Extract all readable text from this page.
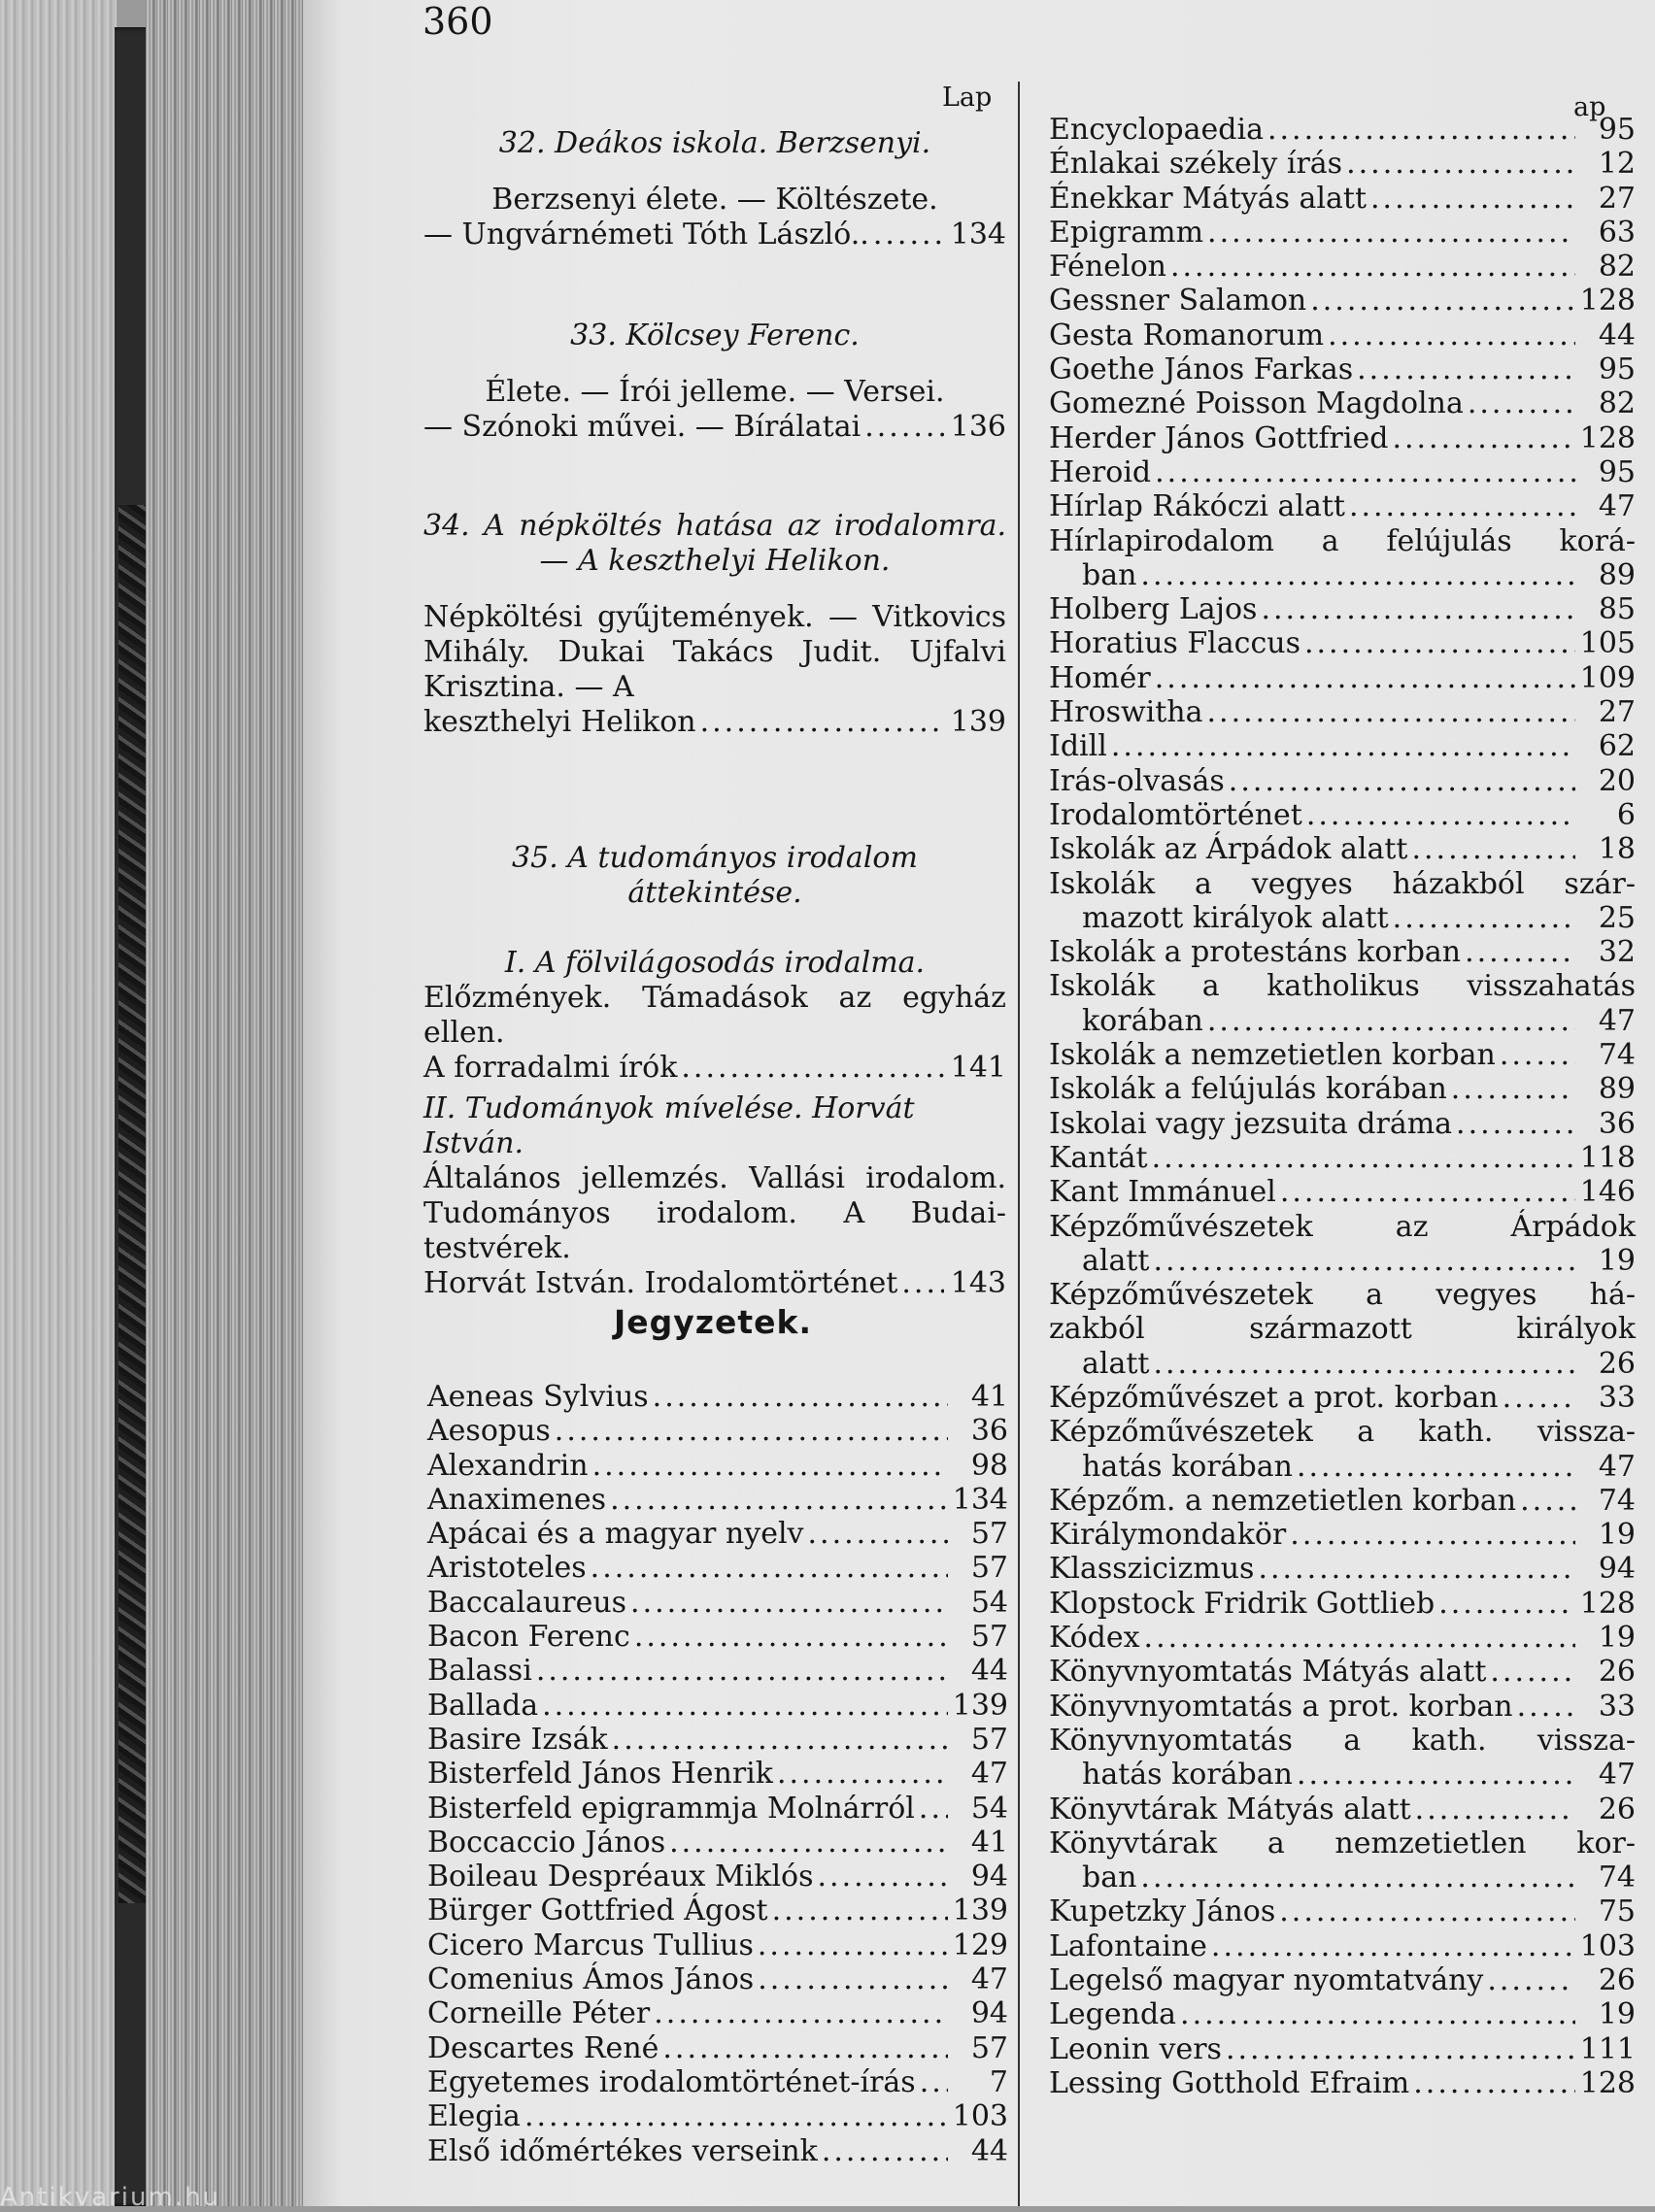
360
Lap	ap

32. Deákos iskola. Berzsenyi.

Berzsenyi élete. — Költészete.

— Ungvárnémeti Tóth László.. .....	134

33. Kölcsey Ferenc.

Élete. — Írói jelleme. — Versei.

— Szónoki művei. — Bírálatai .....	136

34. A népköltés hatása az irodalomra. — A keszthelyi Helikon.

Népköltési gyűjtemények. — Vitkovics Mihály. Dukai Takács Judit. Ujfalvi Krisztina. — A

keszthelyi Helikon .....	139

35. A tudományos irodalom áttekintése.

I. A fölvilágosodás irodalma.

Előzmények. Támadások az egyház ellen.

A forradalmi írók .....	141

II. Tudományok mívelése. Horvát István.

Általános jellemzés. Vallási irodalom. Tudományos irodalom. A Budai-testvérek.

Horvát István. Irodalomtörténet ..... 143
Jegyzetek.
Aeneas Sylvius .....	41
Aesopus .....	36
Alexandrin .....	98
Anaximenes .....	134
Apácai és a magyar nyelv .....	57
Aristoteles .....	57
Baccalaureus .....	54
Bacon Ferenc .....	57
Balassi .....	44
Ballada .....	139
Basire Izsák .....	57
Bisterfeld János Henrik .....	47
Bisterfeld epigrammja Molnárról .....	54
Boccaccio János .....	41
Boileau Despréaux Miklós .....	94
Bürger Gottfried Ágost .....	139
Cicero Marcus Tullius .....	129
Comenius Ámos János .....	47
Corneille Péter .....	94
Descartes René .....	57
Egyetemes irodalomtörténet-írás .....	7
Elegia .....	103
Első időmértékes verseink .....	44
Encyclopaedia .....	95
Énlakai székely írás .....	12
Énekkar Mátyás alatt .....	27
Epigramm .....	63
Fénelon .....	82
Gessner Salamon .....	128
Gesta Romanorum .....	44
Goethe János Farkas .....	95
Gomezné Poisson Magdolna .....	82
Herder János Gottfried .....	128
Heroid .....	95
Hírlap Rákóczi alatt .....	47
Hírlapirodalom a felújulás korá-
ban .....	89
Holberg Lajos .....	85
Horatius Flaccus .....	105
Homér .....	109
Hroswitha .....	27
Idill .....	62
Irás-olvasás .....	20
Irodalomtörténet .....	6
Iskolák az Árpádok alatt .....	18
Iskolák a vegyes házakból szár-
mazott királyok alatt .....	25
Iskolák a protestáns korban .....	32
Iskolák a katholikus visszahatás
korában .....	47
Iskolák a nemzetietlen korban .....	74
Iskolák a felújulás korában .....	89
Iskolai vagy jezsuita dráma .....	36
Kantát .....	118
Kant Immánuel .....	146
Képzőművészetek az Árpádok
alatt .....	19
Képzőművészetek a vegyes há-
zakból származott királyok
alatt .....	26
Képzőművészet a prot. korban .....	33
Képzőművészetek a kath. vissza-
hatás korában .....	47
Képzőm. a nemzetietlen korban .....	74
Királymondakör .....	19
Klasszicizmus .....	94
Klopstock Fridrik Gottlieb .....	128
Kódex .....	19
Könyvnyomtatás Mátyás alatt .....	26
Könyvnyomtatás a prot. korban .....	33
Könyvnyomtatás a kath. vissza-
hatás korában .....	47
Könyvtárak Mátyás alatt .....	26
Könyvtárak a nemzetietlen kor-
ban .....	74
Kupetzky János .....	75
Lafontaine .....	103
Legelső magyar nyomtatvány .....	26
Legenda .....	19
Leonin vers .....	111
Lessing Gotthold Efraim .....	128
Antikvarium.hu
